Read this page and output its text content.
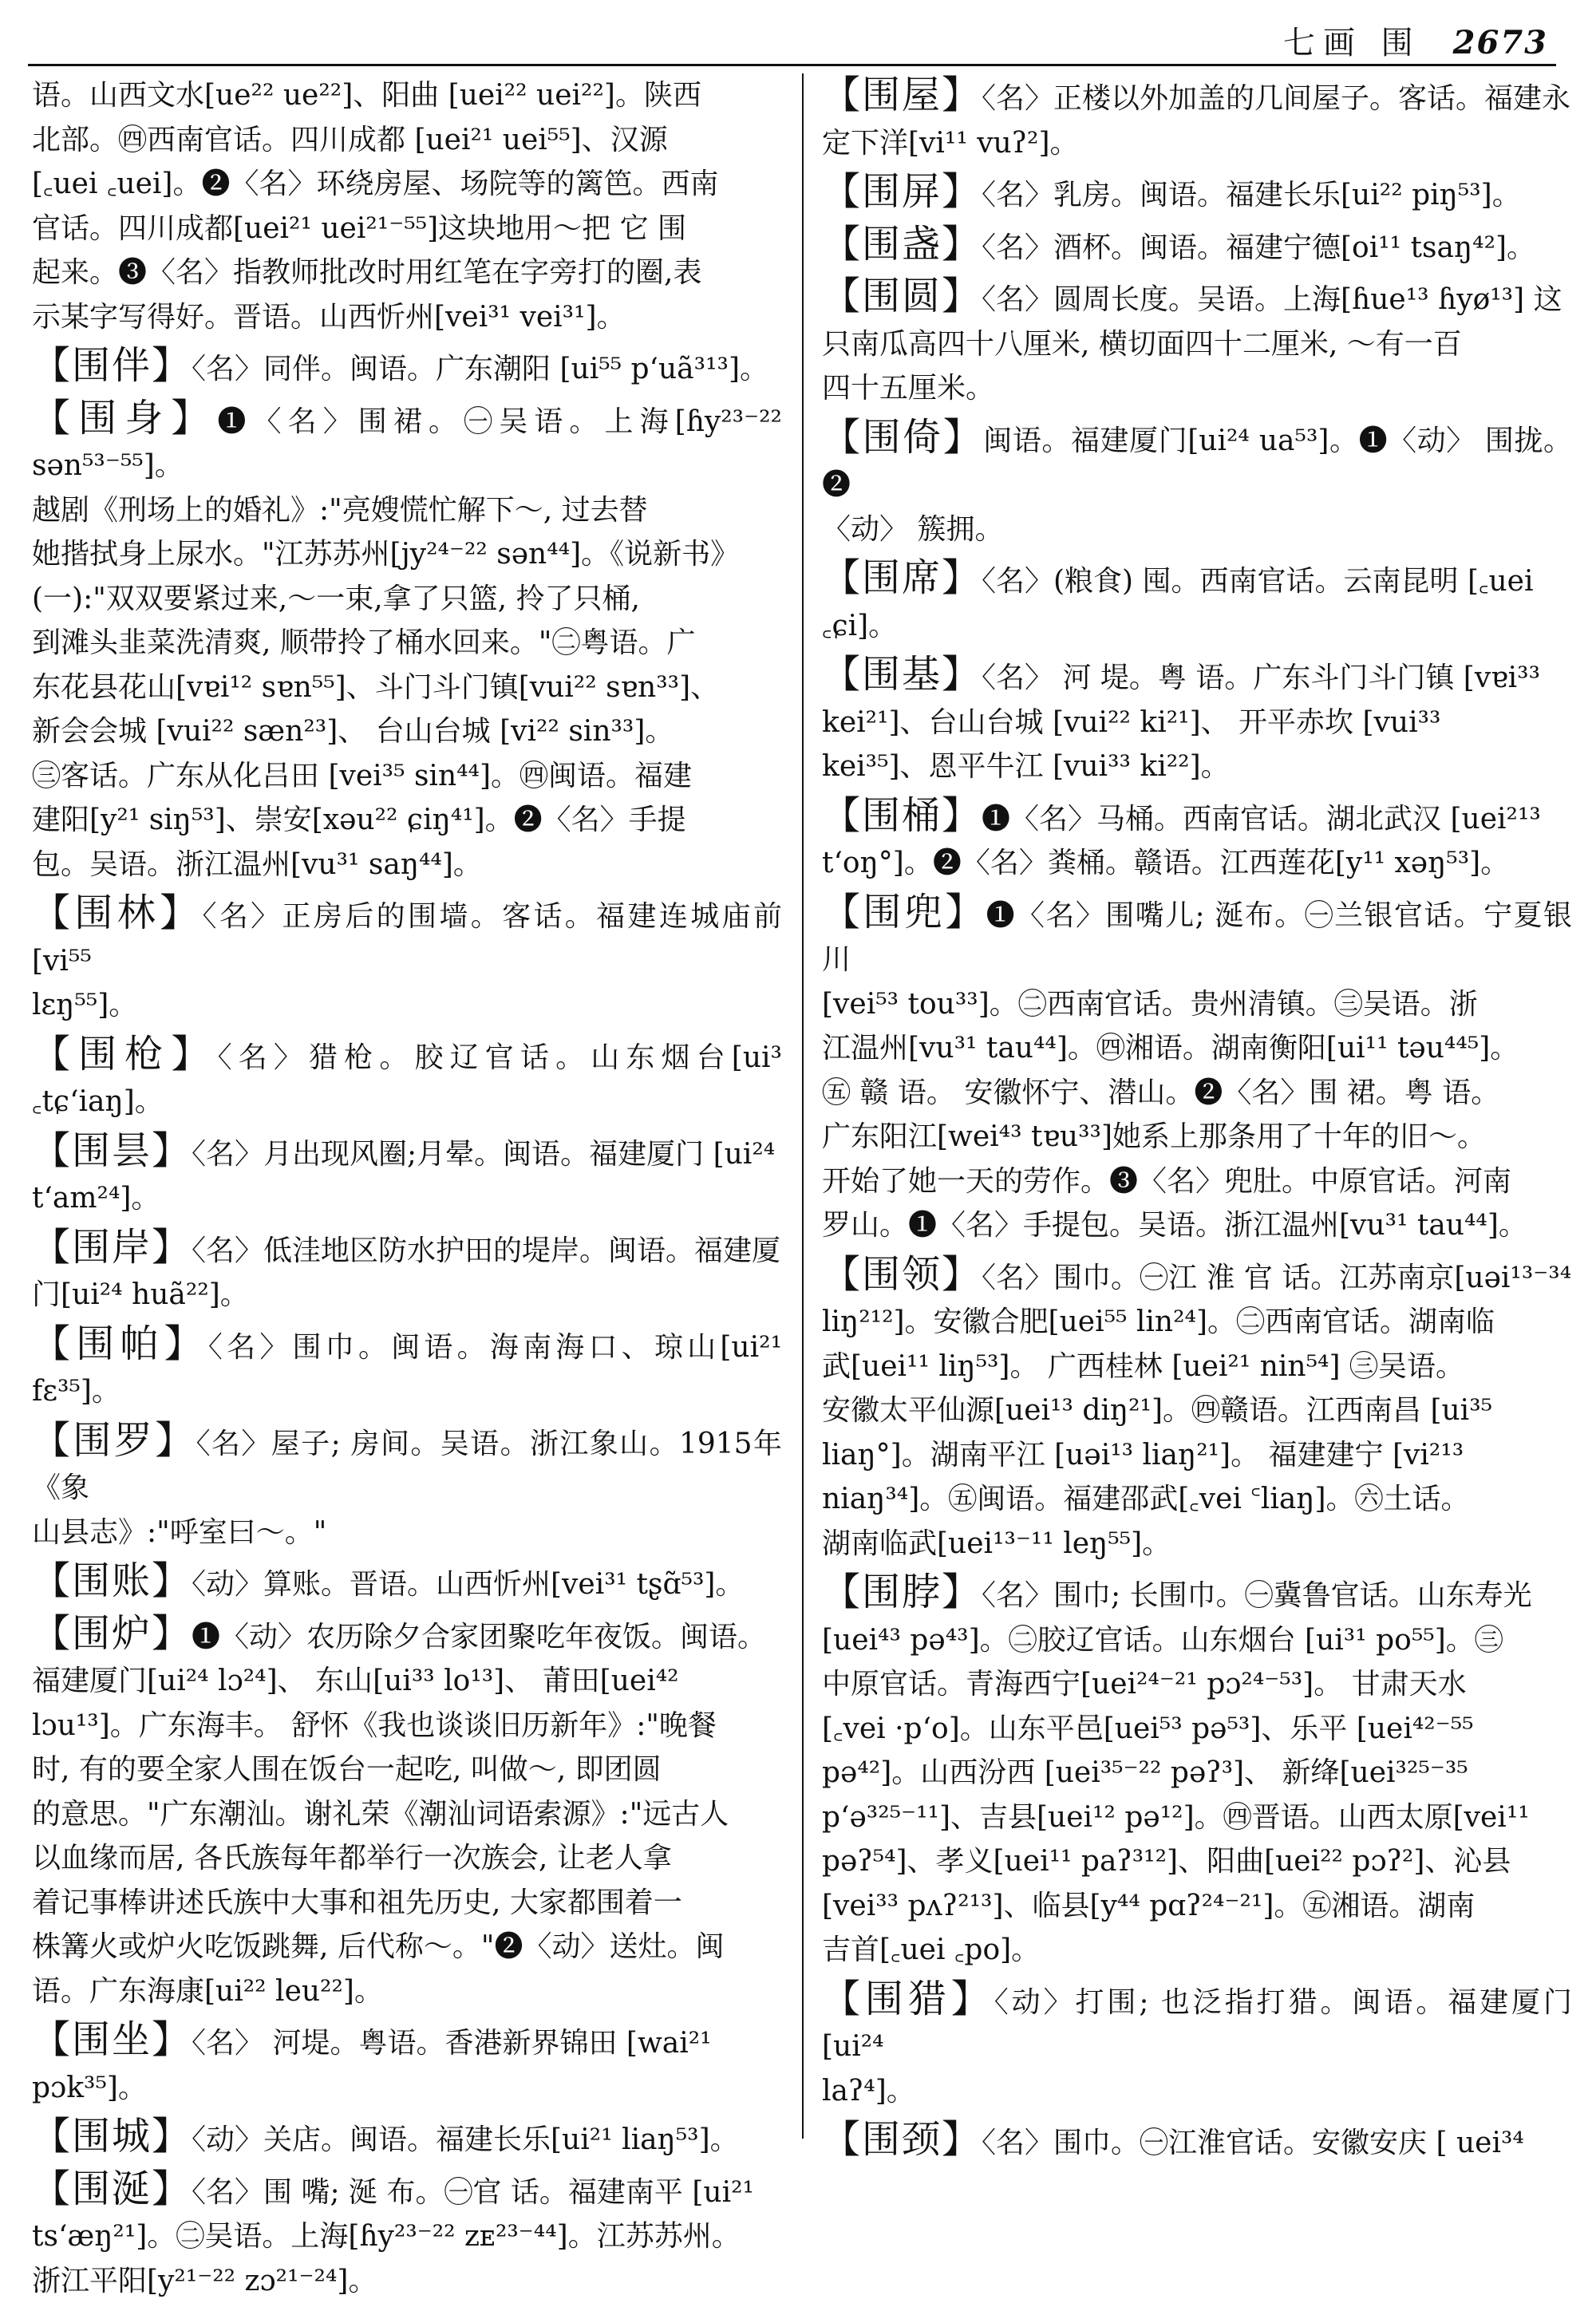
七画 围 2673
语。山西文水[ue²² ue²²]、阳曲 [uei²² uei²²]。陕西
北部。㊃西南官话。四川成都 [uei²¹ uei⁵⁵]、汉源
[꜀uei ꜀uei]。❷〈名〉环绕房屋、场院等的篱笆。西南
官话。四川成都[uei²¹ uei²¹⁻⁵⁵]这块地用～把 它 围
起来。❸〈名〉指教师批改时用红笔在字旁打的圈,表
示某字写得好。晋语。山西忻州[vei³¹ vei³¹]。
【围伴】〈名〉同伴。闽语。广东潮阳 [ui⁵⁵ pʻuã³¹³]。
【围身】❶〈名〉围裙。㊀吴语。上海[ɦy²³⁻²² sən⁵³⁻⁵⁵]。
越剧《刑场上的婚礼》:"亮嫂慌忙解下～, 过去替
她揩拭身上尿水。"江苏苏州[jy²⁴⁻²² sən⁴⁴]。《说新书》
(一):"双双要紧过来,～一束,拿了只篮, 拎了只桶,
到滩头韭菜洗清爽, 顺带拎了桶水回来。"㊁粤语。广
东花县花山[vɐi¹² sɐn⁵⁵]、斗门斗门镇[vui²² sɐn³³]、
新会会城 [vui²² sæn²³]、 台山台城 [vi²² sin³³]。
㊂客话。广东从化吕田 [vei³⁵ sin⁴⁴]。㊃闽语。福建
建阳[y²¹ siŋ⁵³]、崇安[xəu²² ɕiŋ⁴¹]。❷〈名〉手提
包。吴语。浙江温州[vu³¹ saŋ⁴⁴]。
【围林】〈名〉正房后的围墙。客话。福建连城庙前 [vi⁵⁵
lɛŋ⁵⁵]。
【围枪】〈名〉猎枪。胶辽官话。山东烟台[ui³ ꜀tɕʻiaŋ]。
【围昙】〈名〉月出现风圈;月晕。闽语。福建厦门 [ui²⁴
tʻam²⁴]。
【围岸】〈名〉低洼地区防水护田的堤岸。闽语。福建厦
门[ui²⁴ huã²²]。
【围帕】〈名〉围巾。闽语。海南海口、琼山[ui²¹ fɛ³⁵]。
【围罗】〈名〉屋子; 房间。吴语。浙江象山。1915年《象
山县志》:"呼室曰～。"
【围账】〈动〉算账。晋语。山西忻州[vei³¹ tʂɑ̃⁵³]。
【围炉】❶〈动〉农历除夕合家团聚吃年夜饭。闽语。
福建厦门[ui²⁴ lɔ²⁴]、 东山[ui³³ lo¹³]、 莆田[uei⁴²
lɔu¹³]。广东海丰。 舒怀《我也谈谈旧历新年》:"晚餐
时, 有的要全家人围在饭台一起吃, 叫做～, 即团圆
的意思。"广东潮汕。谢礼荣《潮汕词语索源》:"远古人
以血缘而居, 各氏族每年都举行一次族会, 让老人拿
着记事棒讲述氏族中大事和祖先历史, 大家都围着一
株篝火或炉火吃饭跳舞, 后代称～。"❷〈动〉送灶。闽
语。广东海康[ui²² leu²²]。
【围坐】〈名〉 河堤。粤语。香港新界锦田 [wai²¹
pɔk³⁵]。
【围城】〈动〉关店。闽语。福建长乐[ui²¹ liaŋ⁵³]。
【围涎】〈名〉围 嘴; 涎 布。㊀官 话。福建南平 [ui²¹
tsʻæŋ²¹]。㊁吴语。上海[ɦy²³⁻²² zᴇ²³⁻⁴⁴]。江苏苏州。
浙江平阳[y²¹⁻²² zɔ²¹⁻²⁴]。
【围屋】〈名〉正楼以外加盖的几间屋子。客话。福建永
定下洋[vi¹¹ vuʔ²]。
【围屏】〈名〉乳房。闽语。福建长乐[ui²² piŋ⁵³]。
【围盏】〈名〉酒杯。闽语。福建宁德[oi¹¹ tsaŋ⁴²]。
【围圆】〈名〉圆周长度。吴语。上海[ɦue¹³ ɦyø¹³] 这
只南瓜高四十八厘米, 横切面四十二厘米, ～有一百
四十五厘米。
【围倚】闽语。福建厦门[ui²⁴ ua⁵³]。❶〈动〉 围拢。❷
〈动〉 簇拥。
【围席】〈名〉(粮食) 囤。西南官话。云南昆明 [꜀uei
꜀ɕi]。
【围基】〈名〉 河 堤。粤 语。广东斗门斗门镇 [vɐi³³
kei²¹]、台山台城 [vui²² ki²¹]、 开平赤坎 [vui³³
kei³⁵]、恩平牛江 [vui³³ ki²²]。
【围桶】❶〈名〉马桶。西南官话。湖北武汉 [uei²¹³
tʻoŋ°]。❷〈名〉粪桶。赣语。江西莲花[y¹¹ xəŋ⁵³]。
【围兜】❶〈名〉围嘴儿; 涎布。㊀兰银官话。宁夏银川
[vei⁵³ tou³³]。㊁西南官话。贵州清镇。㊂吴语。浙
江温州[vu³¹ tau⁴⁴]。㊃湘语。湖南衡阳[ui¹¹ təu⁴⁴⁵]。
㊄ 赣 语。 安徽怀宁、潜山。❷〈名〉围 裙。粤 语。
广东阳江[wei⁴³ tɐu³³]她系上那条用了十年的旧～。
开始了她一天的劳作。❸〈名〉兜肚。中原官话。河南
罗山。❶〈名〉手提包。吴语。浙江温州[vu³¹ tau⁴⁴]。
【围领】〈名〉围巾。㊀江 淮 官 话。江苏南京[uəi¹³⁻³⁴
liŋ²¹²]。安徽合肥[uei⁵⁵ lin²⁴]。㊁西南官话。湖南临
武[uei¹¹ liŋ⁵³]。 广西桂林 [uei²¹ nin⁵⁴] ㊂吴语。
安徽太平仙源[uei¹³ diŋ²¹]。㊃赣语。江西南昌 [ui³⁵
liaŋ°]。湖南平江 [uəi¹³ liaŋ²¹]。 福建建宁 [vi²¹³
niaŋ³⁴]。㊄闽语。福建邵武[꜀vei ꜂liaŋ]。㊅土话。
湖南临武[uei¹³⁻¹¹ leŋ⁵⁵]。
【围脖】〈名〉围巾; 长围巾。㊀冀鲁官话。山东寿光
[uei⁴³ pə⁴³]。㊁胶辽官话。山东烟台 [ui³¹ po⁵⁵]。㊂
中原官话。青海西宁[uei²⁴⁻²¹ pɔ²⁴⁻⁵³]。 甘肃天水
[꜀vei ·pʻo]。山东平邑[uei⁵³ pə⁵³]、乐平 [uei⁴²⁻⁵⁵
pə⁴²]。山西汾西 [uei³⁵⁻²² pəʔ³]、 新绛[uei³²⁵⁻³⁵
pʻə³²⁵⁻¹¹]、吉县[uei¹² pə¹²]。㊃晋语。山西太原[vei¹¹
pəʔ⁵⁴]、孝义[uei¹¹ paʔ³¹²]、阳曲[uei²² pɔʔ²]、沁县
[vei³³ pʌʔ²¹³]、临县[y⁴⁴ pɑʔ²⁴⁻²¹]。㊄湘语。湖南
吉首[꜀uei ꜀po]。
【围猎】〈动〉打围; 也泛指打猎。闽语。福建厦门 [ui²⁴
laʔ⁴]。
【围颈】〈名〉围巾。㊀江淮官话。安徽安庆 [ uei³⁴
